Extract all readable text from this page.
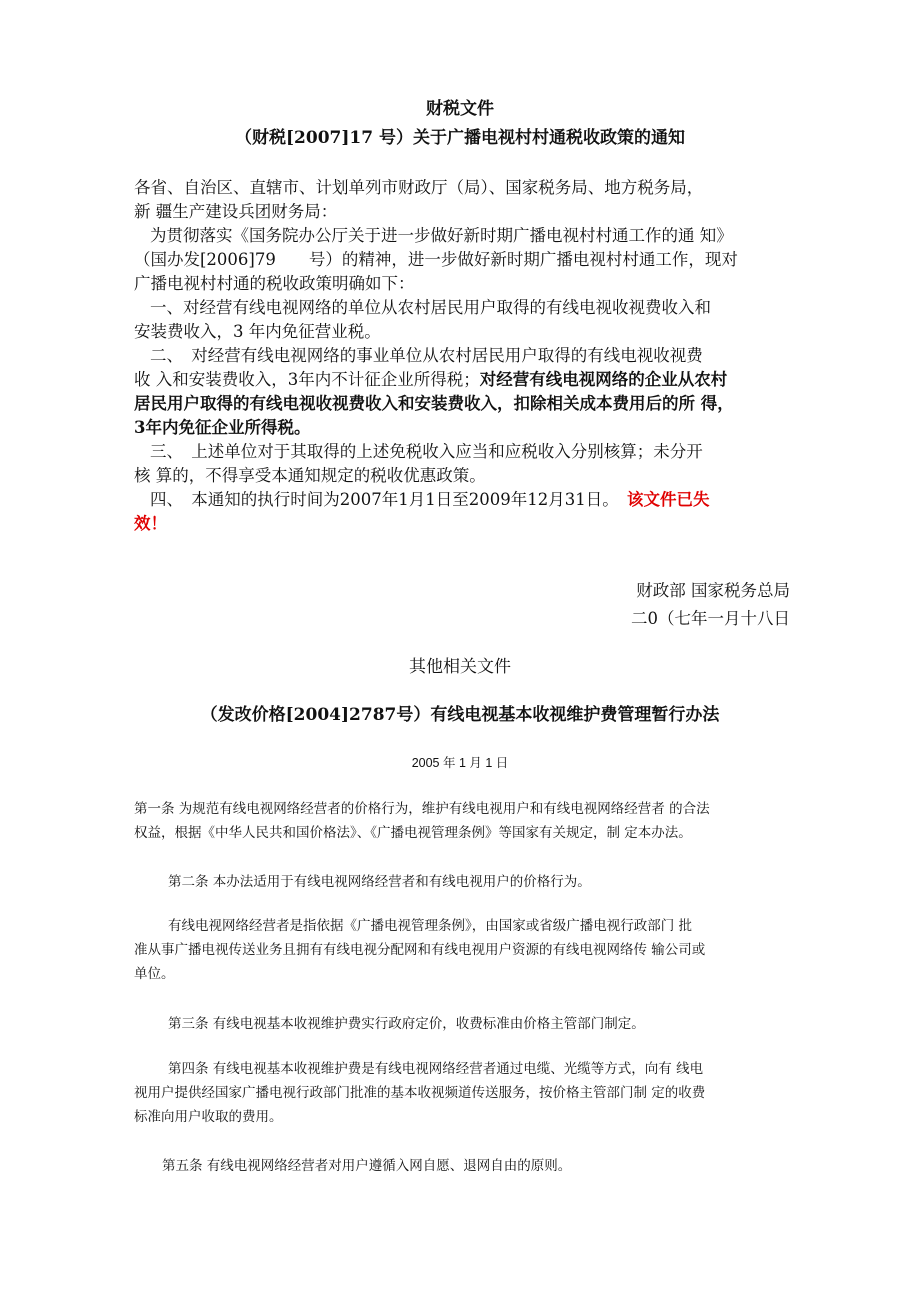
财税文件
（财税[2007]17 号）关于广播电视村村通税收政策的通知

各省、自治区、直辖市、计划单列市财政厅（局）、国家税务局、地方税务局，

新 疆生产建设兵团财务局：

为贯彻落实《国务院办公厅关于进一步做好新时期广播电视村村通工作的通 知》

（国办发[2006]79　　号）的精神，进一步做好新时期广播电视村村通工作，现对

广播电视村村通的税收政策明确如下：

一、对经营有线电视网络的单位从农村居民用户取得的有线电视收视费收入和

安装费收入，3 年内免征营业税。

二、　对经营有线电视网络的事业单位从农村居民用户取得的有线电视收视费

收 入和安装费收入，3年内不计征企业所得税；对经营有线电视网络的企业从农村

居民用户取得的有线电视收视费收入和安装费收入，扣除相关成本费用后的所 得，

3年内免征企业所得税。

三、　上述单位对于其取得的上述免税收入应当和应税收入分别核算；未分开

核 算的，不得享受本通知规定的税收优惠政策。

四、　本通知的执行时间为2007年1月1日至2009年12月31日。　 该文件已失

效！

财政部 国家税务总局
二0（七年一月十八日
其他相关文件
（发改价格[2004]2787号）有线电视基本收视维护费管理暂行办法
2005 年 1 月 1 日

第一条 为规范有线电视网络经营者的价格行为，维护有线电视用户和有线电视网络经营者 的合法

权益，根据《中华人民共和国价格法》、《广播电视管理条例》等国家有关规定，制 定本办法。

第二条 本办法适用于有线电视网络经营者和有线电视用户的价格行为。

有线电视网络经营者是指依据《广播电视管理条例》，由国家或省级广播电视行政部门 批

准从事广播电视传送业务且拥有有线电视分配网和有线电视用户资源的有线电视网络传 输公司或

单位。

第三条 有线电视基本收视维护费实行政府定价，收费标准由价格主管部门制定。

第四条 有线电视基本收视维护费是有线电视网络经营者通过电缆、光缆等方式，向有 线电

视用户提供经国家广播电视行政部门批准的基本收视频道传送服务，按价格主管部门制 定的收费

标准向用户收取的费用。

第五条 有线电视网络经营者对用户遵循入网自愿、退网自由的原则。
